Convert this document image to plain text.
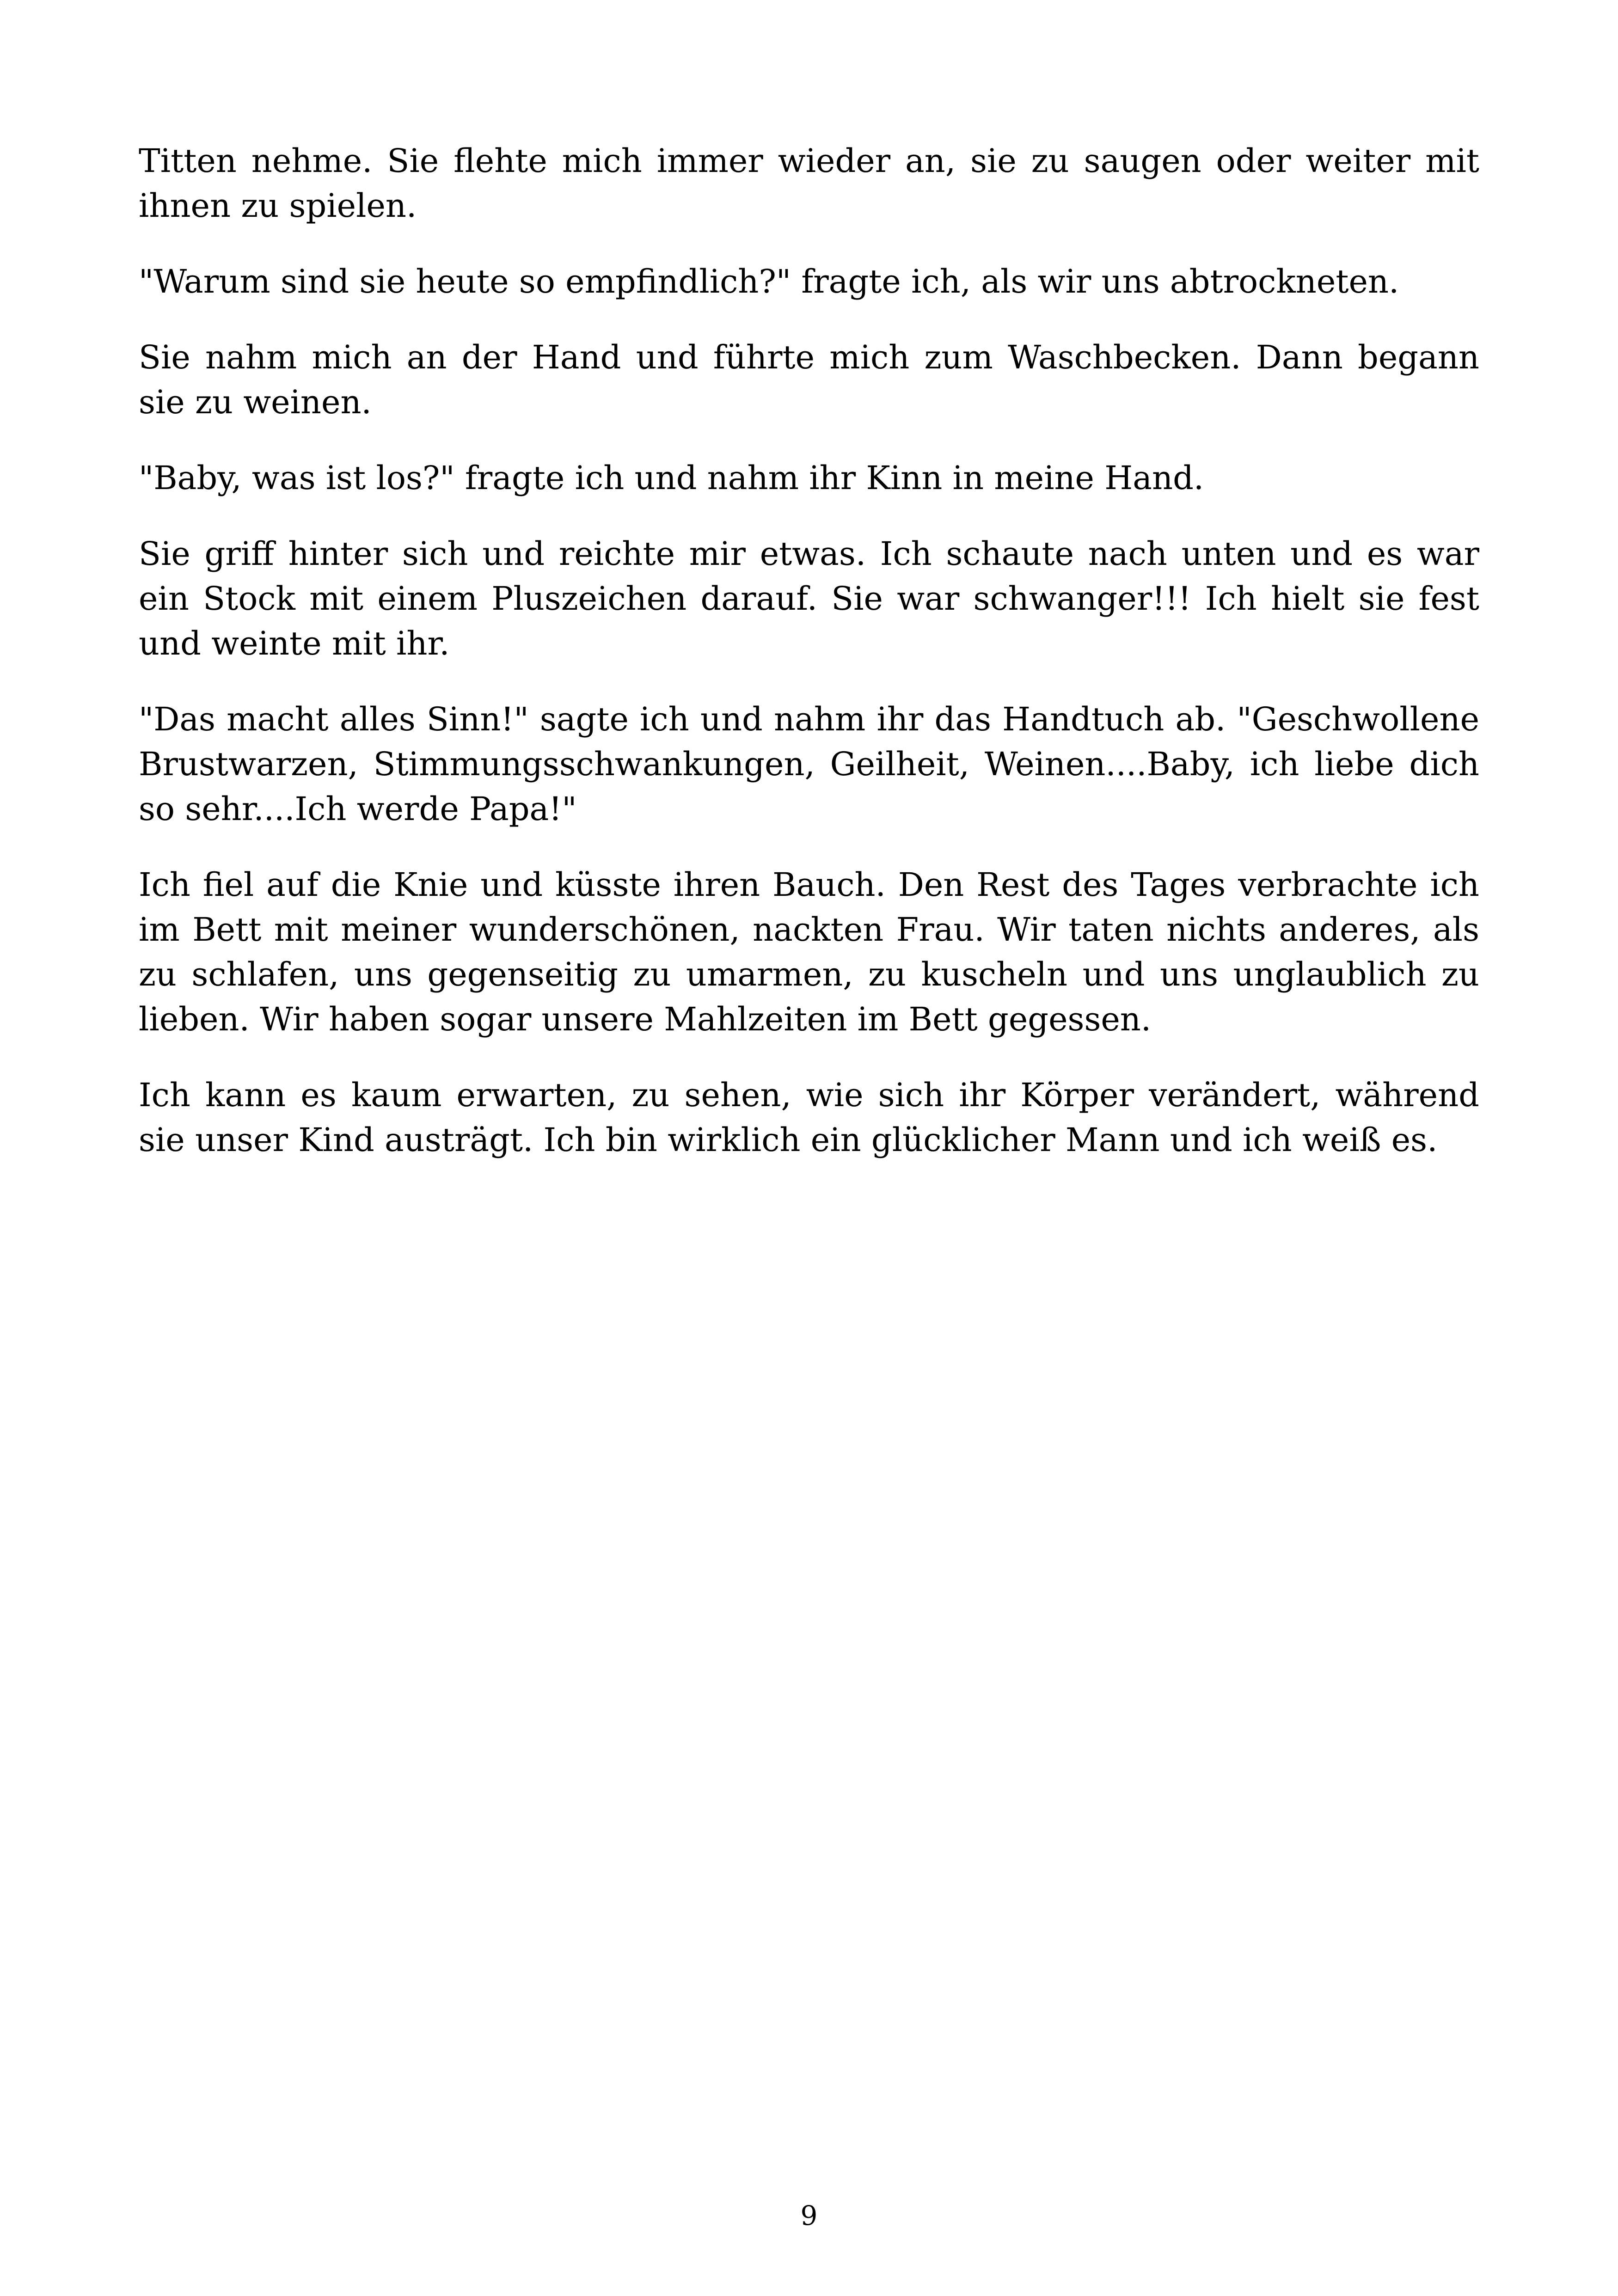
Titten nehme. Sie flehte mich immer wieder an, sie zu saugen oder weiter mit ihnen zu spielen.

"Warum sind sie heute so empfindlich?" fragte ich, als wir uns abtrockneten.

Sie nahm mich an der Hand und führte mich zum Waschbecken. Dann begann sie zu weinen.

"Baby, was ist los?" fragte ich und nahm ihr Kinn in meine Hand.

Sie griff hinter sich und reichte mir etwas. Ich schaute nach unten und es war ein Stock mit einem Pluszeichen darauf. Sie war schwanger!!! Ich hielt sie fest und weinte mit ihr.

"Das macht alles Sinn!" sagte ich und nahm ihr das Handtuch ab. "Geschwollene Brustwarzen, Stimmungsschwankungen, Geilheit, Weinen....Baby, ich liebe dich so sehr....Ich werde Papa!"

Ich fiel auf die Knie und küsste ihren Bauch. Den Rest des Tages verbrachte ich im Bett mit meiner wunderschönen, nackten Frau. Wir taten nichts anderes, als zu schlafen, uns gegenseitig zu umarmen, zu kuscheln und uns unglaublich zu lieben. Wir haben sogar unsere Mahlzeiten im Bett gegessen.

Ich kann es kaum erwarten, zu sehen, wie sich ihr Körper verändert, während sie unser Kind austrägt. Ich bin wirklich ein glücklicher Mann und ich weiß es.

9
